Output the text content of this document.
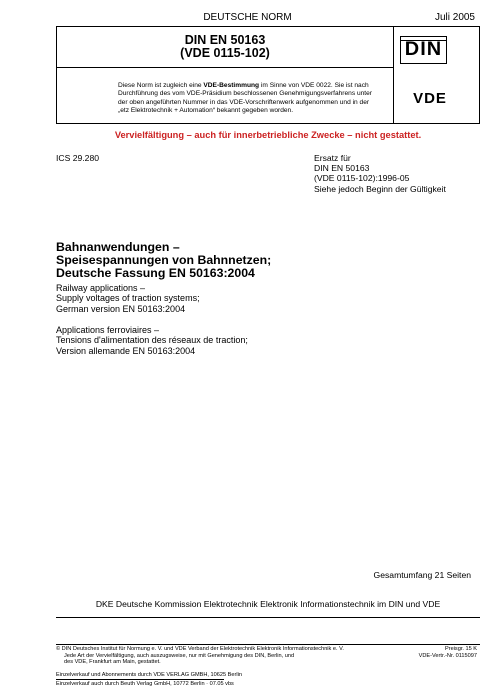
DEUTSCHE NORM	Juli 2005
DIN EN 50163
(VDE 0115-102)
Diese Norm ist zugleich eine VDE-Bestimmung im Sinne von VDE 0022. Sie ist nach
Durchführung des vom VDE-Präsidium beschlossenen Genehmigungsverfahrens unter
der oben angeführten Nummer in das VDE-Vorschriftenwerk aufgenommen und in der
„etz Elektrotechnik + Automation“ bekannt gegeben worden.
DIN
VDE
Vervielfältigung – auch für innerbetriebliche Zwecke – nicht gestattet.
ICS 29.280	Ersatz für
DIN EN 50163
(VDE 0115-102):1996-05
Siehe jedoch Beginn der Gültigkeit
Bahnanwendungen –
Speisespannungen von Bahnnetzen;
Deutsche Fassung EN 50163:2004
Railway applications –
Supply voltages of traction systems;
German version EN 50163:2004
Applications ferroviaires –
Tensions d'alimentation des réseaux de traction;
Version allemande EN 50163:2004
Gesamtumfang 21 Seiten
DKE Deutsche Kommission Elektrotechnik Elektronik Informationstechnik im DIN und VDE
© DIN Deutsches Institut für Normung e. V. und VDE Verband der Elektrotechnik Elektronik Informationstechnik e. V.
Jede Art der Vervielfältigung, auch auszugsweise, nur mit Genehmigung des DIN, Berlin, und
des VDE, Frankfurt am Main, gestattet.
Preisgr. 15 K
VDE-Vertr.-Nr. 0115097
Einzelverkauf und Abonnements durch VDE VERLAG GMBH, 10625 Berlin
Einzelverkauf auch durch Beuth Verlag GmbH, 10772 Berlin · 07.05 vbs
